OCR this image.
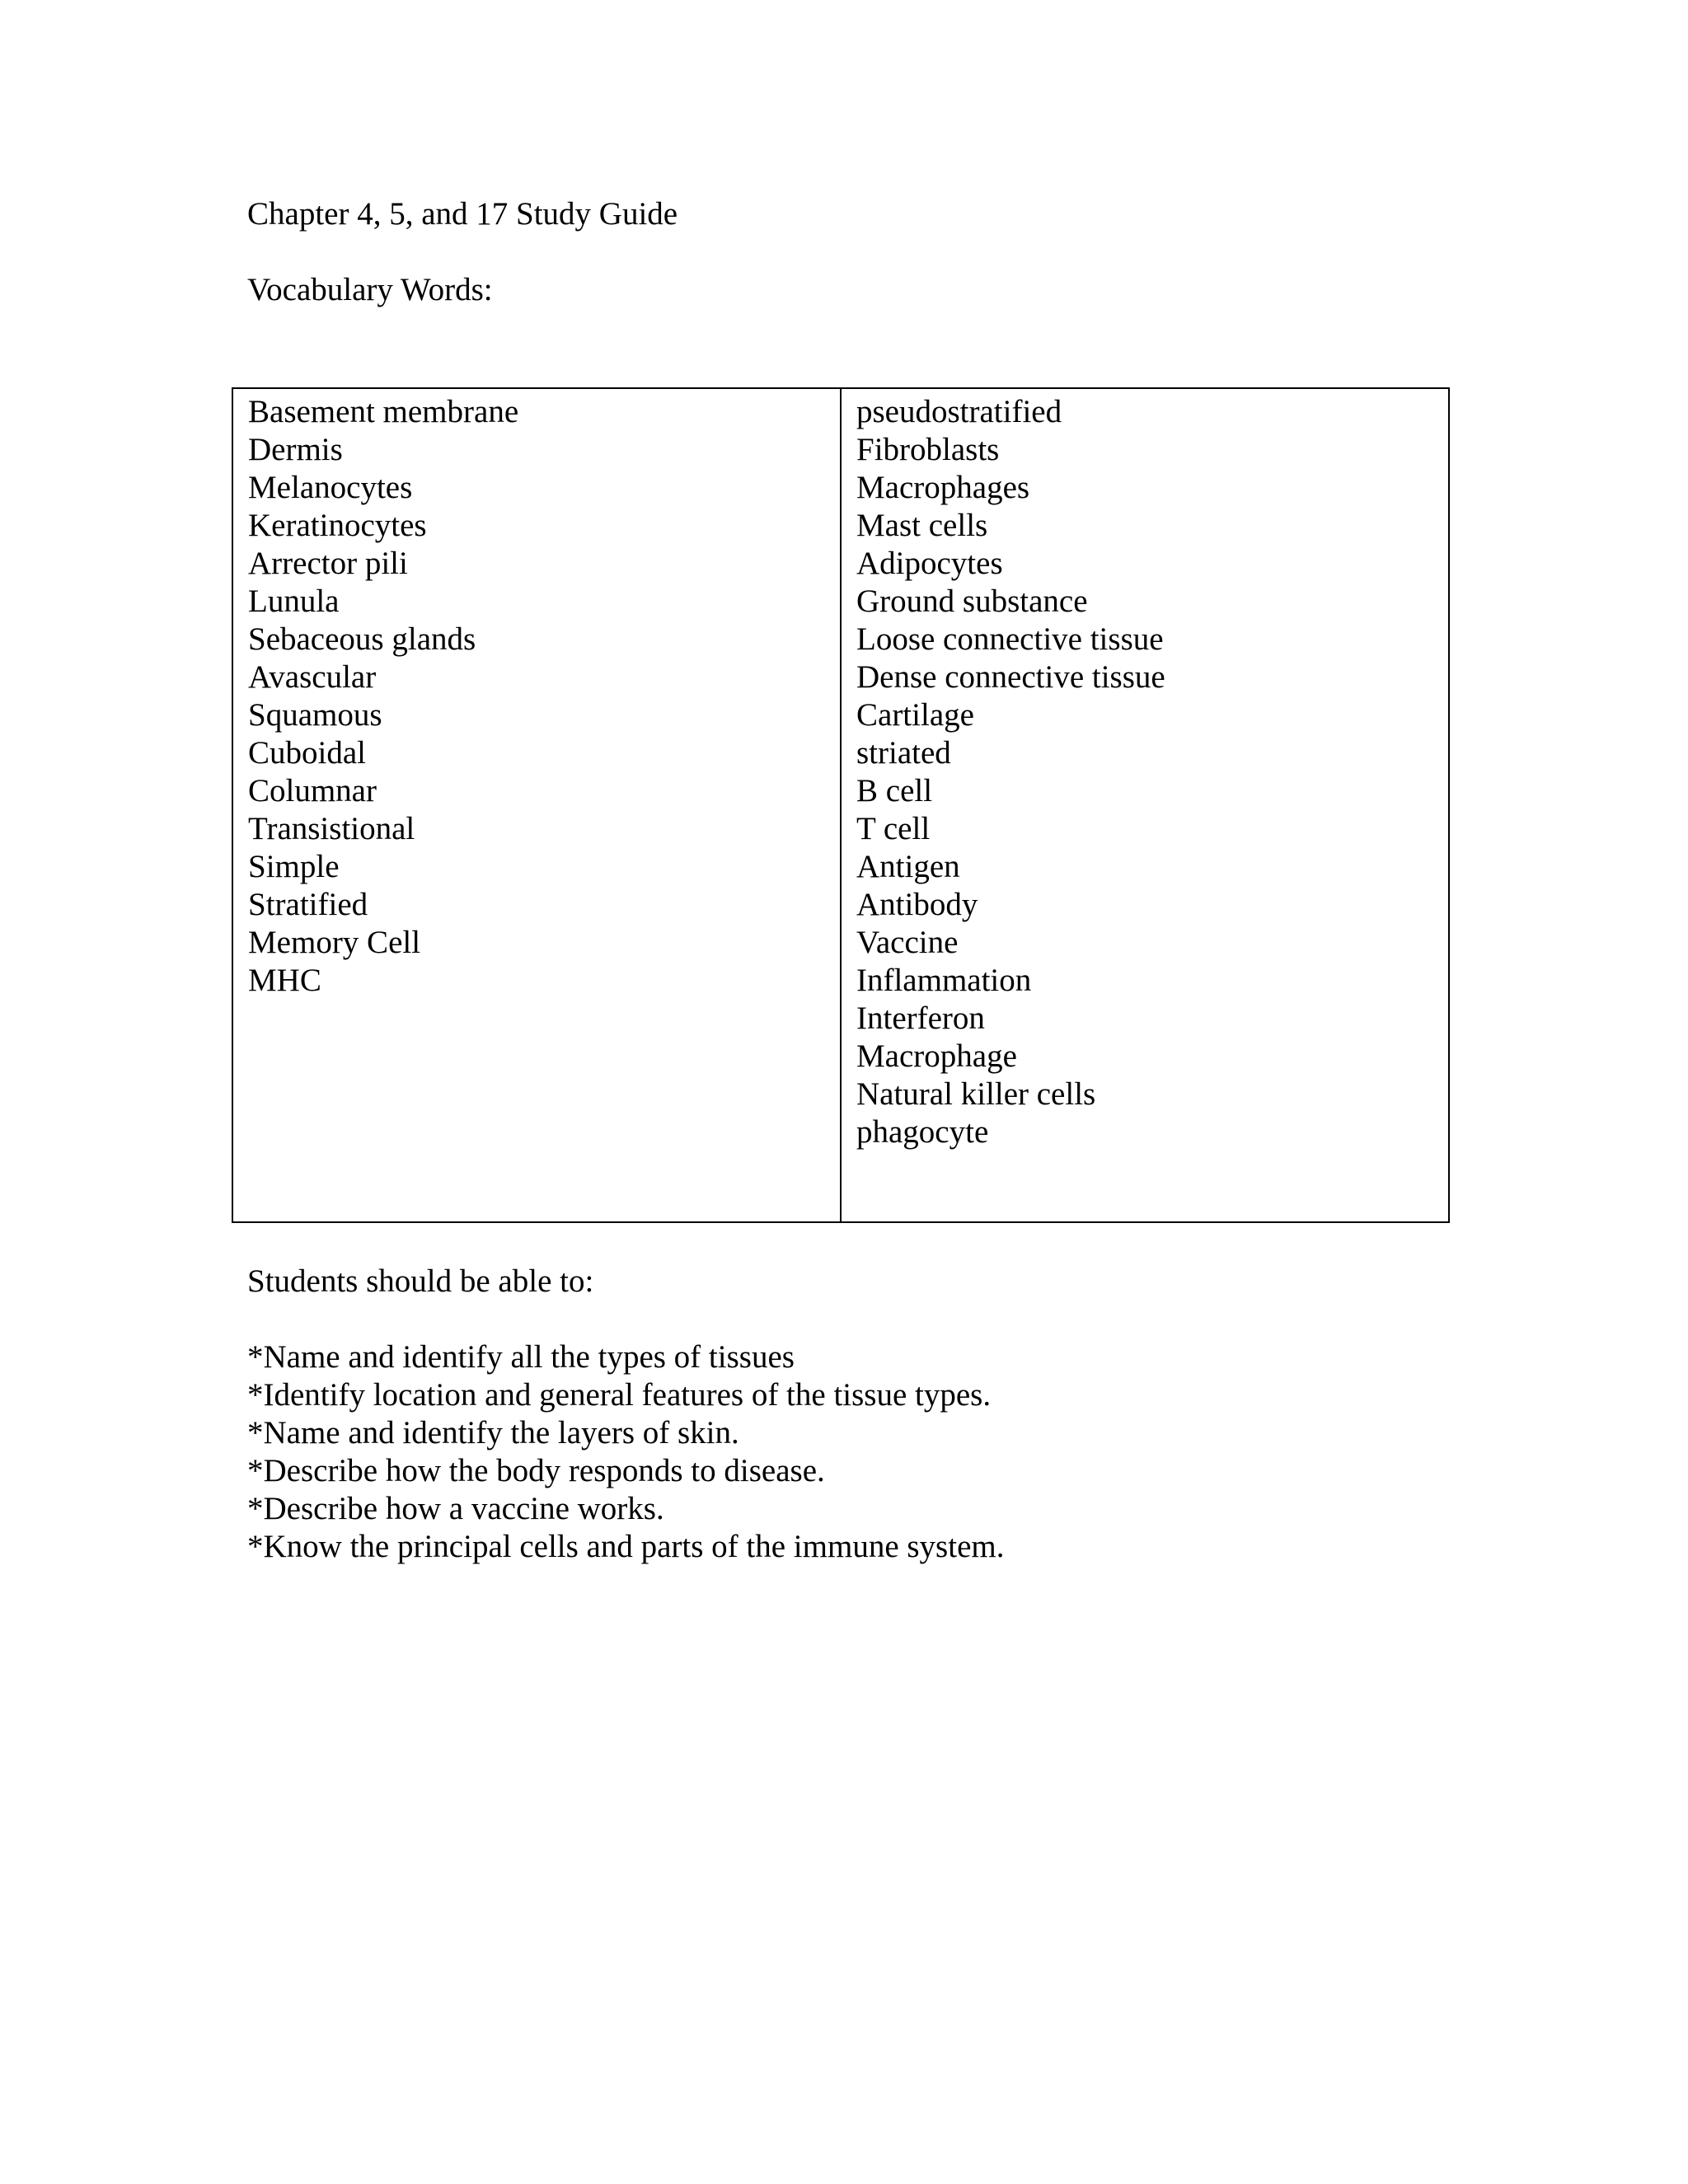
Chapter 4, 5, and 17 Study Guide
Vocabulary Words:
Basement membrane
Dermis
Melanocytes
Keratinocytes
Arrector pili
Lunula
Sebaceous glands
Avascular
Squamous
Cuboidal
Columnar
Transistional
Simple
Stratified
Memory Cell
MHC
pseudostratified
Fibroblasts
Macrophages
Mast cells
Adipocytes
Ground substance
Loose connective tissue
Dense connective tissue
Cartilage
striated
B cell
T cell
Antigen
Antibody
Vaccine
Inflammation
Interferon
Macrophage
Natural killer cells
phagocyte
Students should be able to:
*Name and identify all the types of tissues
*Identify location and general features of the tissue types.
*Name and identify the layers of skin.
*Describe how the body responds to disease.
*Describe how a vaccine works.
*Know the principal cells and parts of the immune system.
